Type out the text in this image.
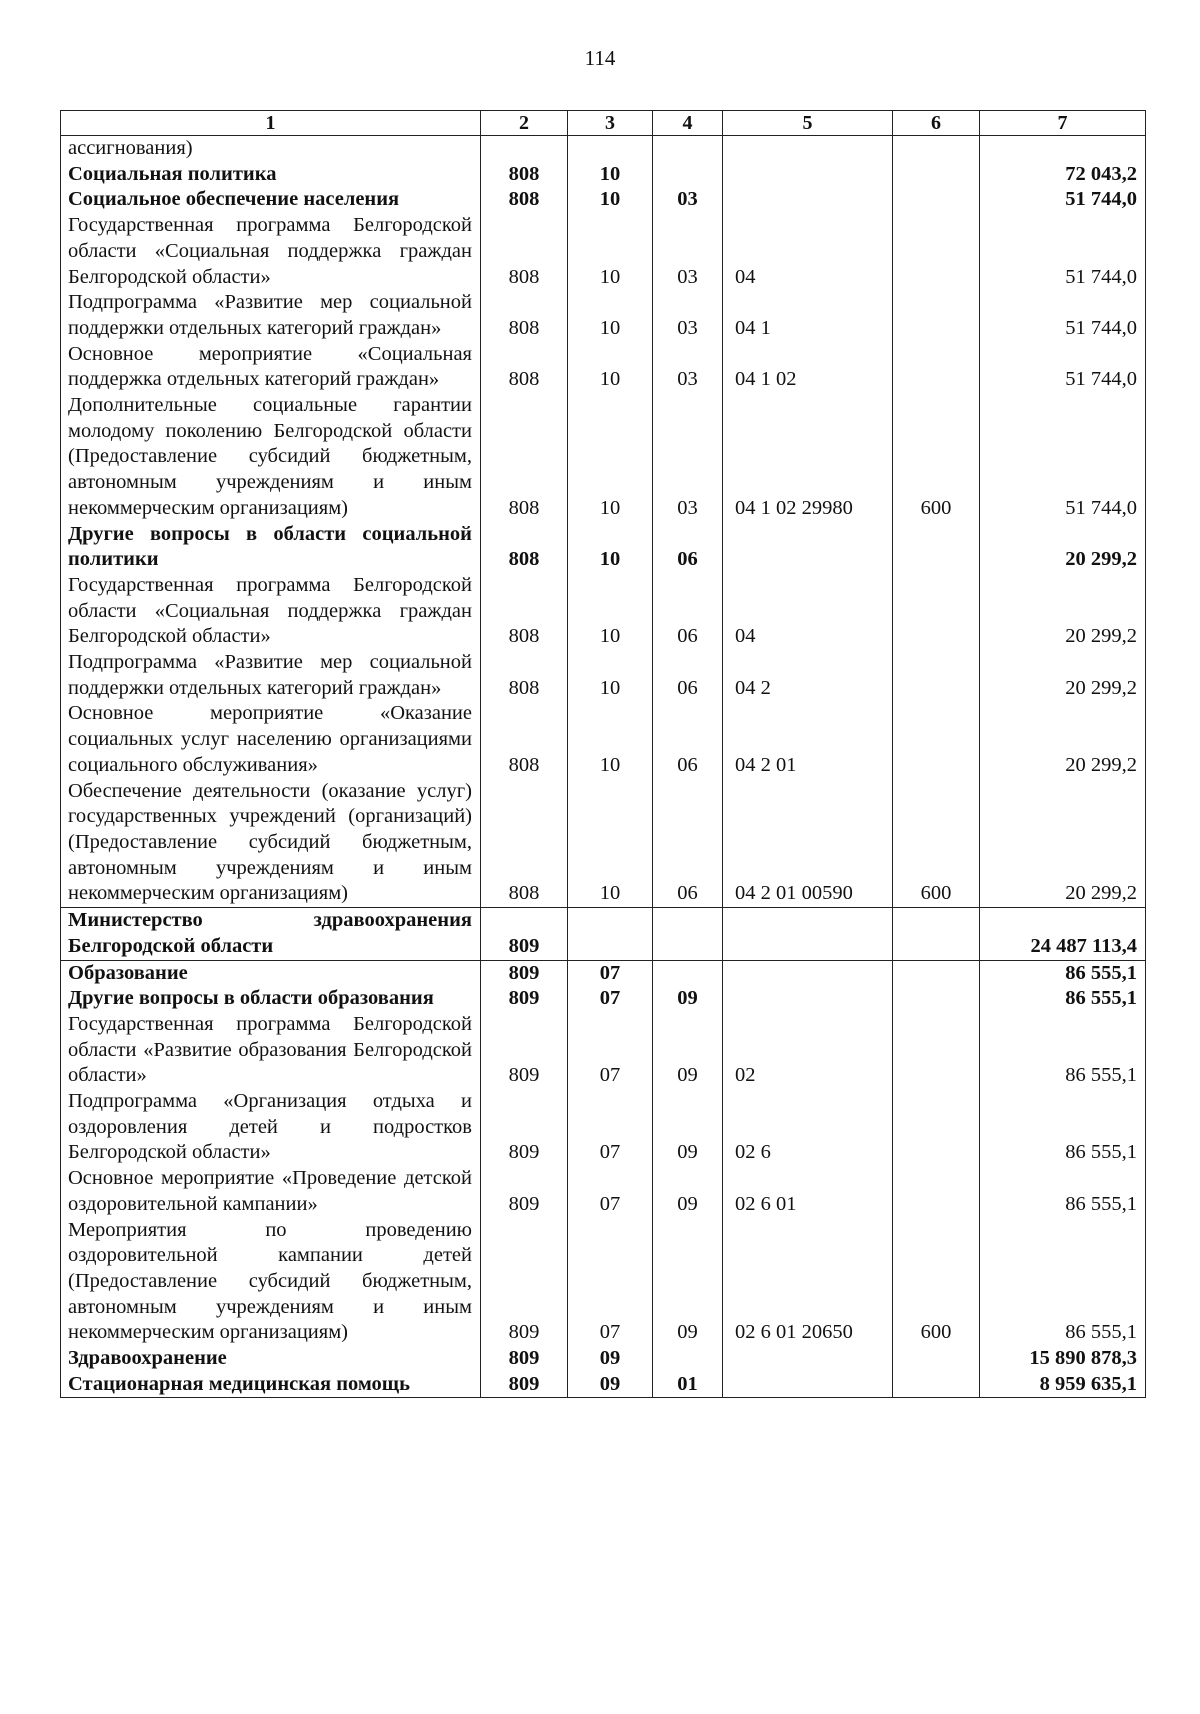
114
1	2	3	4	5	6	7
ассигнования)						
Социальная политика	808	10				72 043,2
Социальное обеспечение населения	808	10	03			51 744,0
Государственная программа Белгородской области «Социальная поддержка граждан Белгородской области»	808	10	03	04		51 744,0
Подпрограмма «Развитие мер социальной поддержки отдельных категорий граждан»	808	10	03	04 1		51 744,0
Основное мероприятие «Социальная поддержка отдельных категорий граждан»	808	10	03	04 1 02		51 744,0
Дополнительные социальные гарантии молодому поколению Белгородской области (Предоставление субсидий бюджетным, автономным учреждениям и иным некоммерческим организациям)	808	10	03	04 1 02 29980	600	51 744,0
Другие вопросы в области социальной политики	808	10	06			20 299,2
Государственная программа Белгородской области «Социальная поддержка граждан Белгородской области»	808	10	06	04		20 299,2
Подпрограмма «Развитие мер социальной поддержки отдельных категорий граждан»	808	10	06	04 2		20 299,2
Основное мероприятие «Оказание социальных услуг населению организациями социального обслуживания»	808	10	06	04 2 01		20 299,2
Обеспечение деятельности (оказание услуг) государственных учреждений (организаций) (Предоставление субсидий бюджетным, автономным учреждениям и иным некоммерческим организациям)	808	10	06	04 2 01 00590	600	20 299,2
Министерство здравоохранения Белгородской области	809					24 487 113,4
Образование	809	07				86 555,1
Другие вопросы в области образования	809	07	09			86 555,1
Государственная программа Белгородской области «Развитие образования Белгородской области»	809	07	09	02		86 555,1
Подпрограмма «Организация отдыха и оздоровления детей и подростков Белгородской области»	809	07	09	02 6		86 555,1
Основное мероприятие «Проведение детской оздоровительной кампании»	809	07	09	02 6 01		86 555,1
Мероприятия по проведению оздоровительной кампании детей (Предоставление субсидий бюджетным, автономным учреждениям и иным некоммерческим организациям)	809	07	09	02 6 01 20650	600	86 555,1
Здравоохранение	809	09				15 890 878,3
Стационарная медицинская помощь	809	09	01			8 959 635,1
